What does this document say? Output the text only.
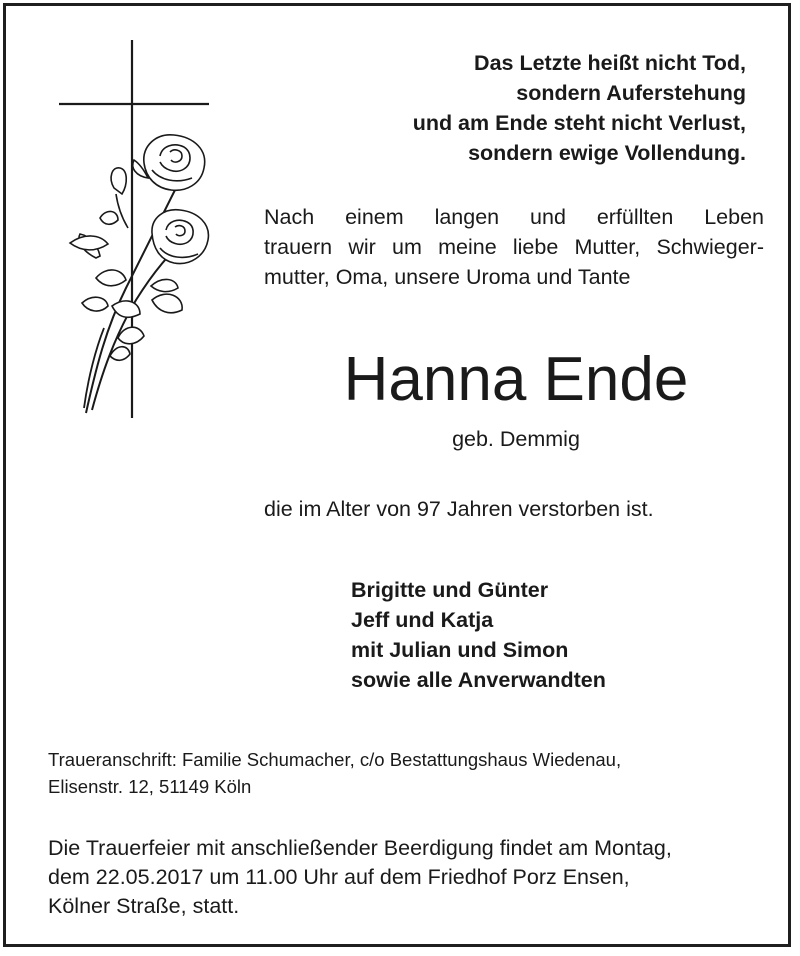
Das Letzte heißt nicht Tod,
sondern Auferstehung
und am Ende steht nicht Verlust,
sondern ewige Vollendung.
Nach einem langen und erfüllten Leben
trauern wir um meine liebe Mutter, Schwieger-
mutter, Oma, unsere Uroma und Tante
Hanna Ende
geb. Demmig
die im Alter von 97 Jahren verstorben ist.
Brigitte und Günter
Jeff und Katja
mit Julian und Simon
sowie alle Anverwandten
Traueranschrift: Familie Schumacher, c/o Bestattungshaus Wiedenau,
Elisenstr. 12, 51149 Köln
Die Trauerfeier mit anschließender Beerdigung findet am Montag,
dem 22.05.2017 um 11.00 Uhr auf dem Friedhof Porz Ensen,
Kölner Straße, statt.
